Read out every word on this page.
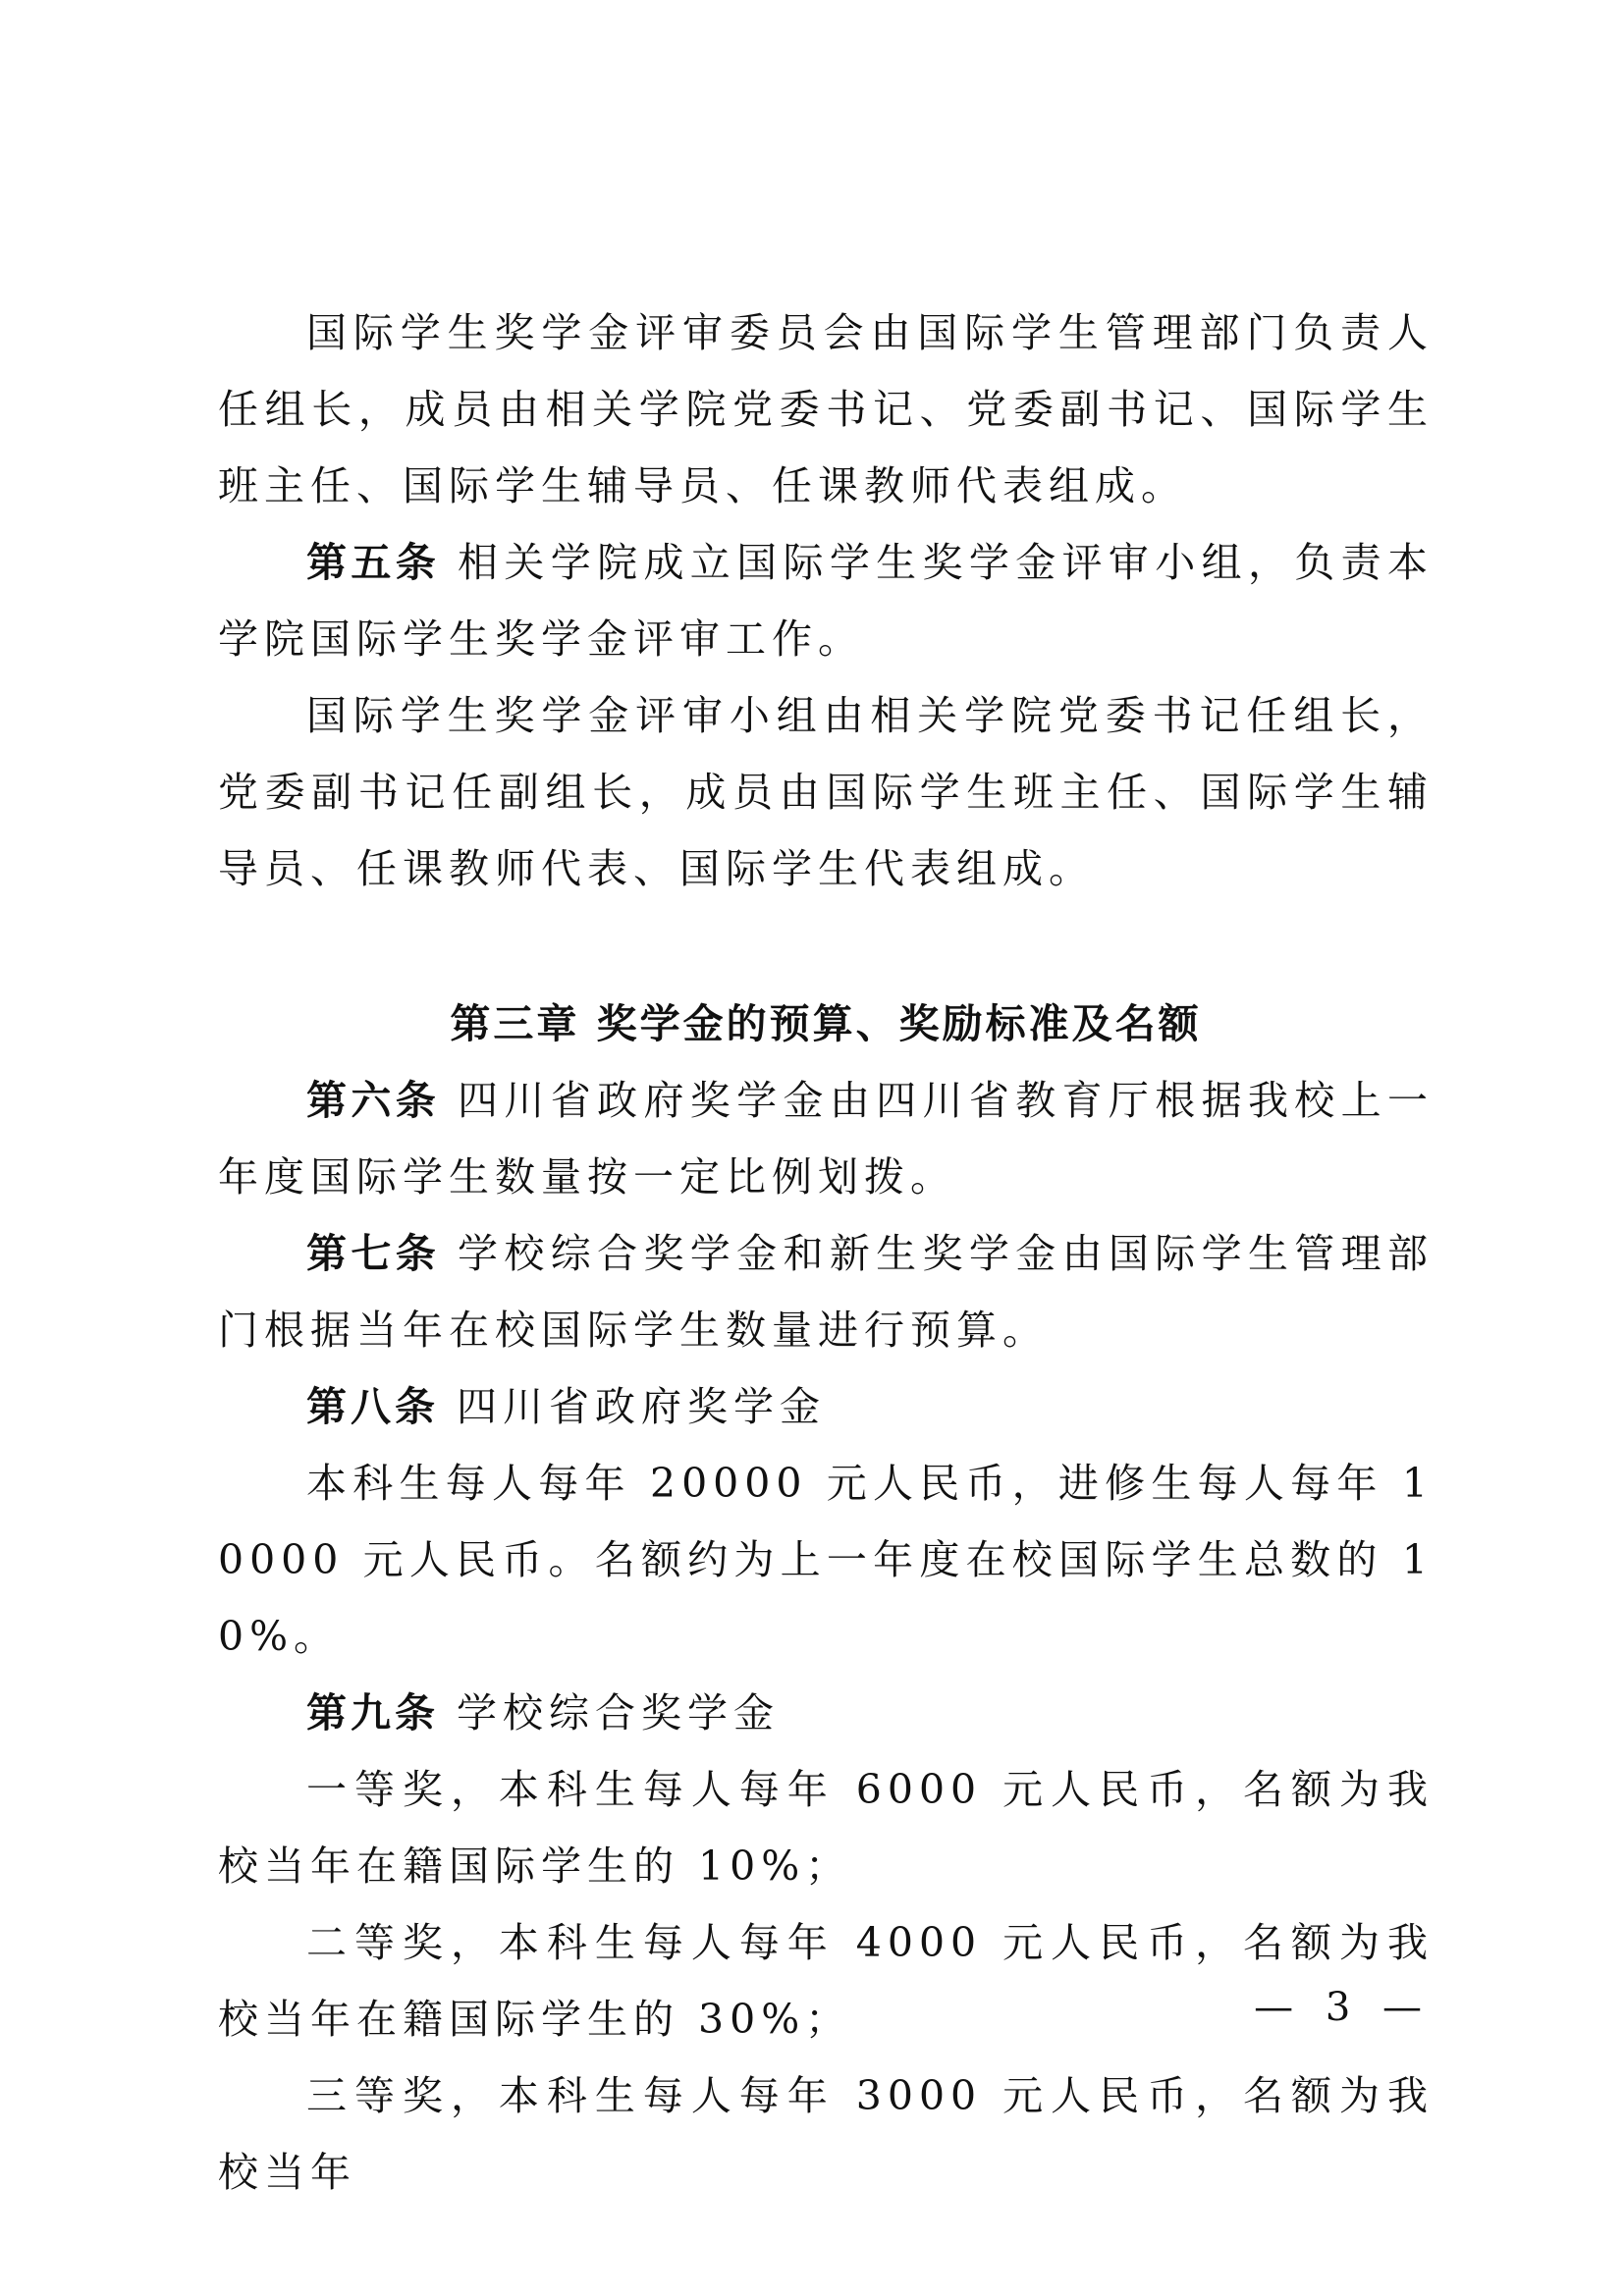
国际学生奖学金评审委员会由国际学生管理部门负责人任组长，成员由相关学院党委书记、党委副书记、国际学生班主任、国际学生辅导员、任课教师代表组成。

第五条 相关学院成立国际学生奖学金评审小组，负责本学院国际学生奖学金评审工作。

国际学生奖学金评审小组由相关学院党委书记任组长，党委副书记任副组长，成员由国际学生班主任、国际学生辅导员、任课教师代表、国际学生代表组成。

第三章 奖学金的预算、奖励标准及名额

第六条 四川省政府奖学金由四川省教育厅根据我校上一年度国际学生数量按一定比例划拨。

第七条 学校综合奖学金和新生奖学金由国际学生管理部门根据当年在校国际学生数量进行预算。

第八条 四川省政府奖学金

本科生每人每年 20000 元人民币，进修生每人每年 10000 元人民币。名额约为上一年度在校国际学生总数的 10%。

第九条 学校综合奖学金

一等奖，本科生每人每年 6000 元人民币，名额为我校当年在籍国际学生的 10%；

二等奖，本科生每人每年 4000 元人民币，名额为我校当年在籍国际学生的 30%；

三等奖，本科生每人每年 3000 元人民币，名额为我校当年

— 3 —
